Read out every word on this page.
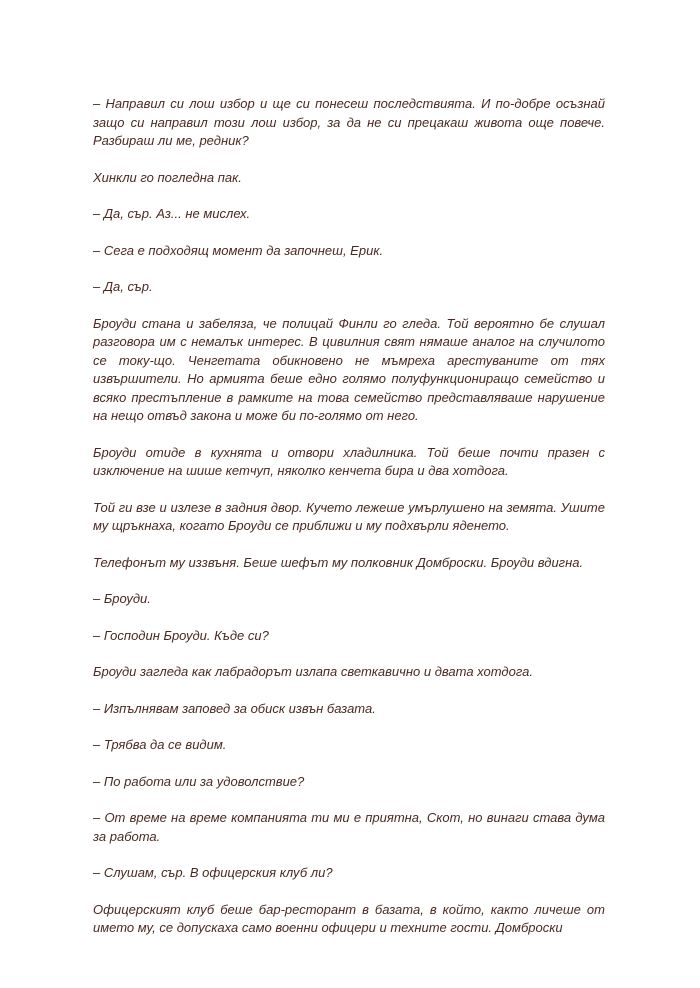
– Направил си лош избор и ще си понесеш последствията. И по-добре осъзнай защо си направил този лош избор, за да не си прецакаш живота още повече. Разбираш ли ме, редник?

Хинкли го погледна пак.

– Да, сър. Аз... не мислех.

– Сега е подходящ момент да започнеш, Ерик.

– Да, сър.

Броуди стана и забеляза, че полицай Финли го гледа. Той вероятно бе слушал разговора им с немалък интерес. В цивилния свят нямаше аналог на случилото се току-що. Ченгетата обикновено не мъмреха арестуваните от тях извършители. Но армията беше едно голямо полуфункциониращо семейство и всяко престъпление в рамките на това семейство представляваше нарушение на нещо отвъд закона и може би по-голямо от него.

Броуди отиде в кухнята и отвори хладилника. Той беше почти празен с изключение на шише кетчуп, няколко кенчета бира и два хотдога.

Той ги взе и излезе в задния двор. Кучето лежеше умърлушено на земята. Ушите му щръкнаха, когато Броуди се приближи и му подхвърли яденето.

Телефонът му иззвъня. Беше шефът му полковник Домброски. Броуди вдигна.

– Броуди.

– Господин Броуди. Къде си?

Броуди загледа как лабрадорът излапа светкавично и двата хотдога.

– Изпълнявам заповед за обиск извън базата.

– Трябва да се видим.

– По работа или за удоволствие?

– От време на време компанията ти ми е приятна, Скот, но винаги става дума за работа.

– Слушам, сър. В офицерския клуб ли?

Офицерският клуб беше бар-ресторант в базата, в който, както личеше от името му, се допускаха само военни офицери и техните гости. Домброски
